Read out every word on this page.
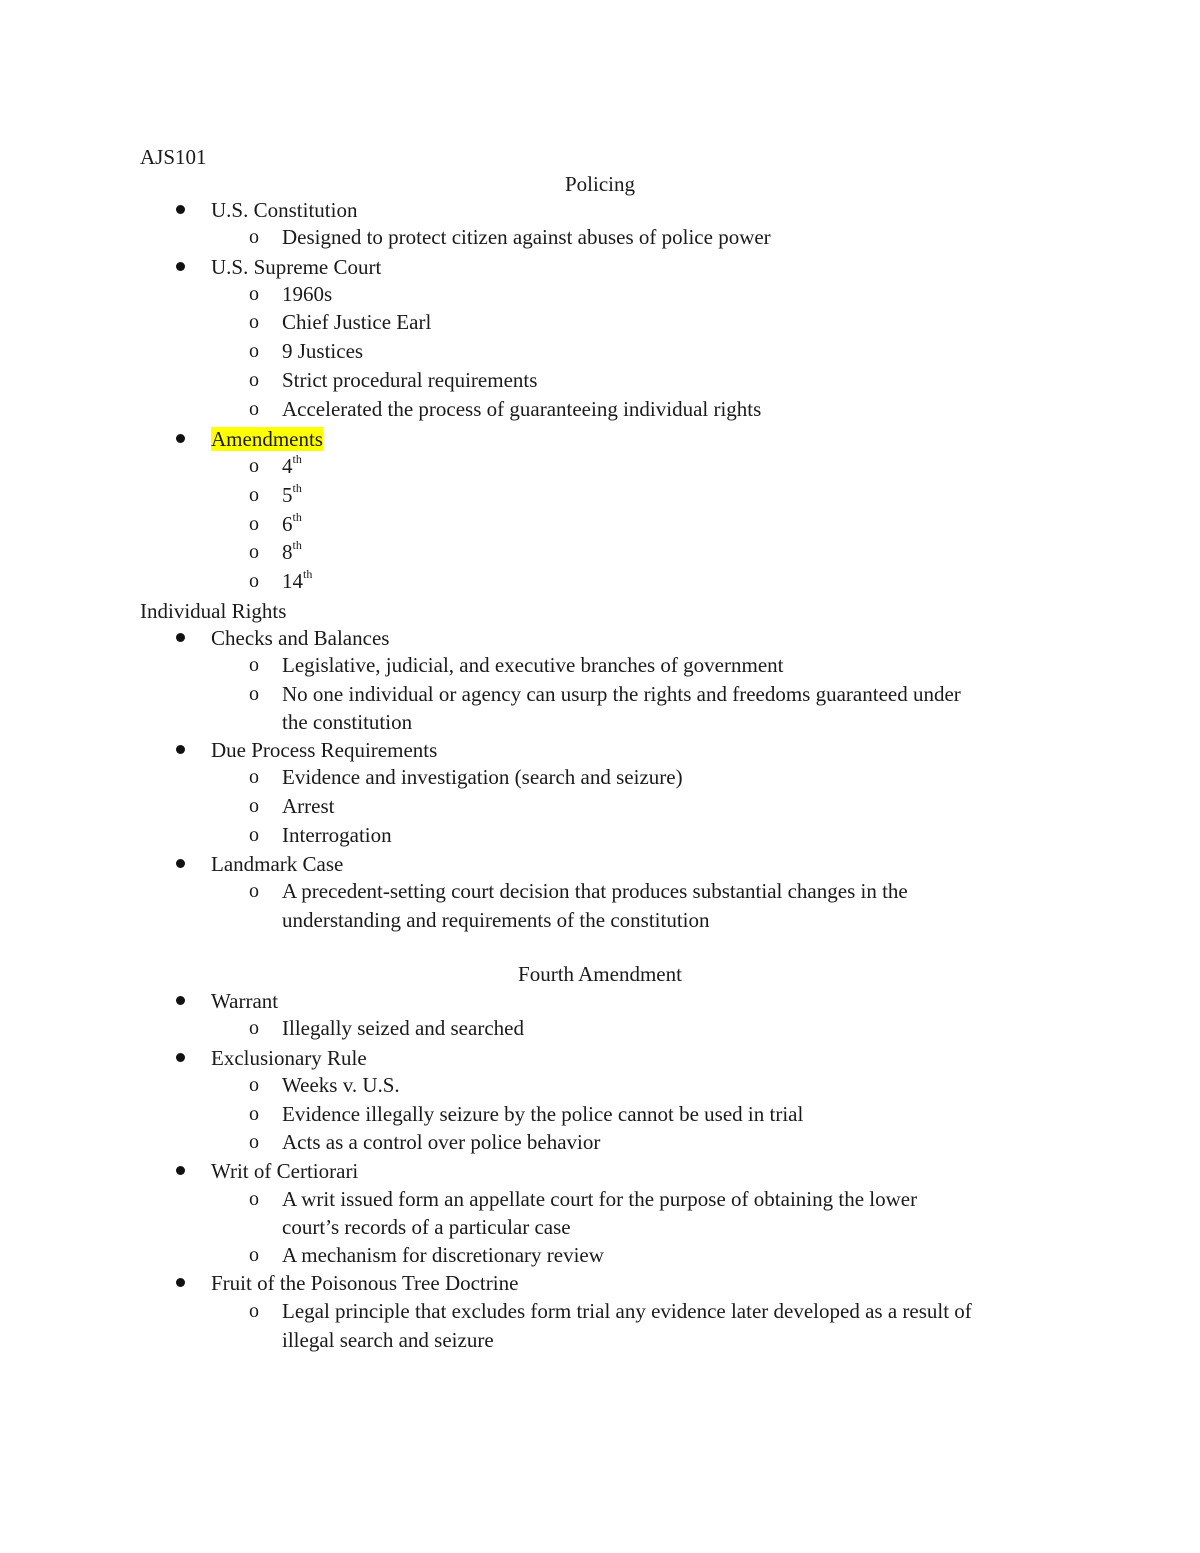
AJS101
Policing
U.S. Constitution
o Designed to protect citizen against abuses of police power
U.S. Supreme Court
o 1960s
o Chief Justice Earl
o 9 Justices
o Strict procedural requirements
o Accelerated the process of guaranteeing individual rights
Amendments
o 4th
o 5th
o 6th
o 8th
o 14th
Individual Rights
Checks and Balances
o Legislative, judicial, and executive branches of government
o No one individual or agency can usurp the rights and freedoms guaranteed under
the constitution
Due Process Requirements
o Evidence and investigation (search and seizure)
o Arrest
o Interrogation
Landmark Case
o A precedent-setting court decision that produces substantial changes in the
understanding and requirements of the constitution
Fourth Amendment
Warrant
o Illegally seized and searched
Exclusionary Rule
o Weeks v. U.S.
o Evidence illegally seizure by the police cannot be used in trial
o Acts as a control over police behavior
Writ of Certiorari
o A writ issued form an appellate court for the purpose of obtaining the lower
court’s records of a particular case
o A mechanism for discretionary review
Fruit of the Poisonous Tree Doctrine
o Legal principle that excludes form trial any evidence later developed as a result of
illegal search and seizure
